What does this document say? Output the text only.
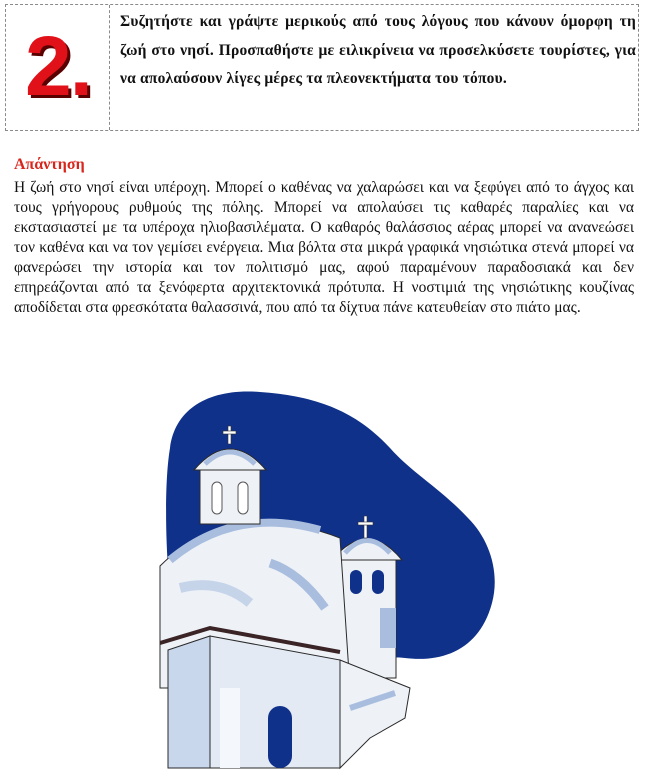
2.	Συζητήστε και γράψτε μερικούς από τους λόγους που κάνουν όμορφη τη ζωή στο νησί. Προσπαθήστε με ειλικρίνεια να προσελκύσετε τουρίστες, για να απολαύσουν λίγες μέρες τα πλεονεκτήματα του τόπου.
Απάντηση
Η ζωή στο νησί είναι υπέροχη. Μπορεί ο καθένας να χαλαρώσει και να ξεφύγει από το άγχος και τους γρήγορους ρυθμούς της πόλης. Μπορεί να απολαύσει τις καθαρές παραλίες και να εκστασιαστεί με τα υπέροχα ηλιοβασιλέματα. Ο καθαρός θαλάσσιος αέρας μπορεί να ανανεώσει τον καθένα και να τον γεμίσει ενέργεια. Μια βόλτα στα μικρά γραφικά νησιώτικα στενά μπορεί να φανερώσει την ιστορία και τον πολιτισμό μας, αφού παραμένουν παραδοσιακά και δεν επηρεάζονται από τα ξενόφερτα αρχιτεκτονικά πρότυπα. Η νοστιμιά της νησιώτικης κουζίνας αποδίδεται στα φρεσκότατα θαλασσινά, που από τα δίχτυα πάνε κατευθείαν στο πιάτο μας.
